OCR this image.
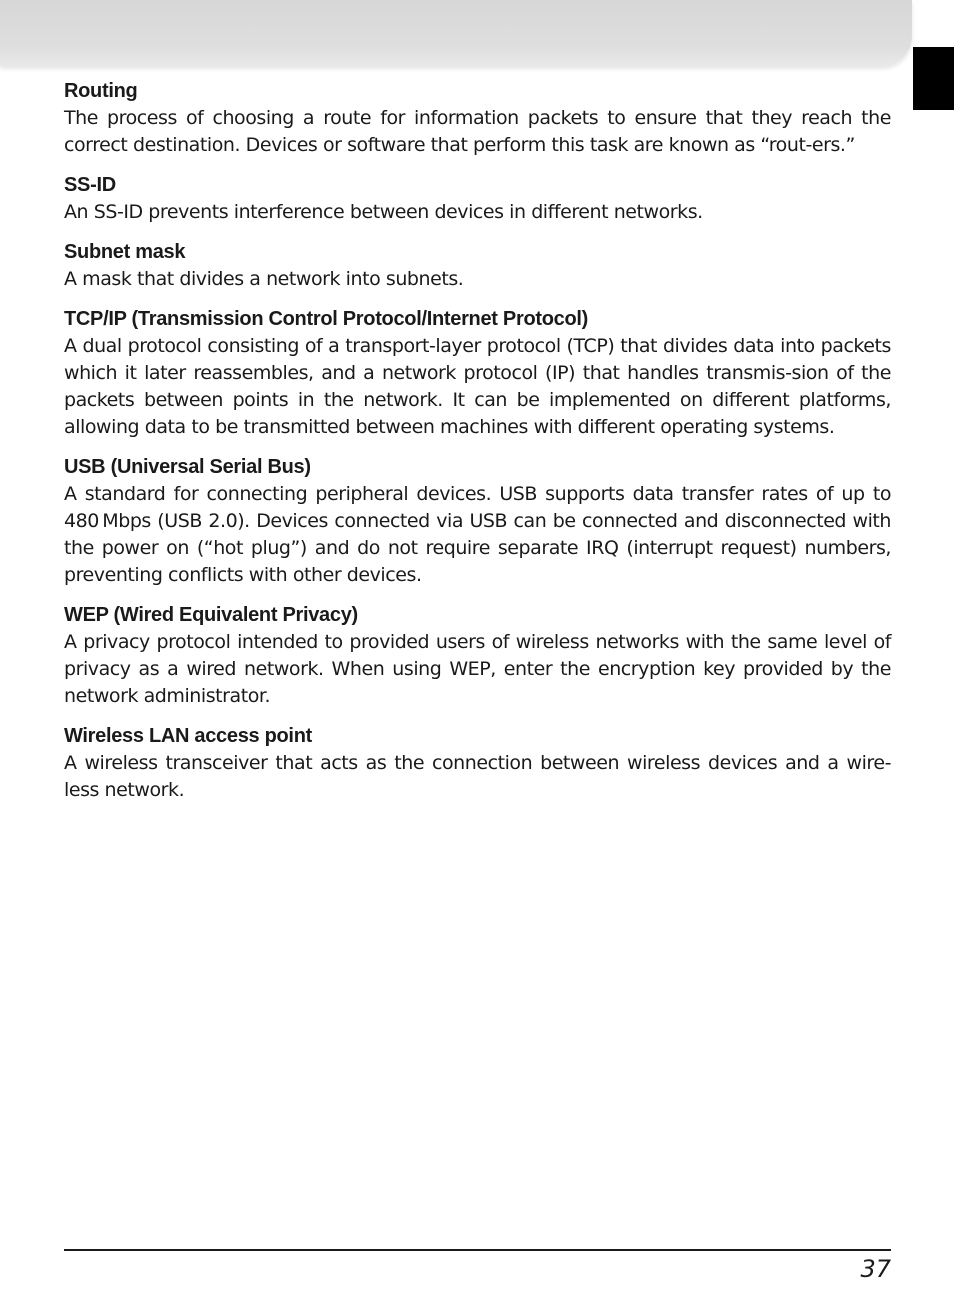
Routing

The process of choosing a route for information packets to ensure that they reach the correct destination. Devices or software that perform this task are known as “rout-ers.”

SS-ID

An SS-ID prevents interference between devices in different networks.

Subnet mask

A mask that divides a network into subnets.

TCP/IP (Transmission Control Protocol/Internet Protocol)

A dual protocol consisting of a transport-layer protocol (TCP) that divides data into packets which it later reassembles, and a network protocol (IP) that handles transmis-sion of the packets between points in the network. It can be implemented on different platforms, allowing data to be transmitted between machines with different operating systems.

USB (Universal Serial Bus)

A standard for connecting peripheral devices. USB supports data transfer rates of up to 480 Mbps (USB 2.0). Devices connected via USB can be connected and disconnected with the power on (“hot plug”) and do not require separate IRQ (interrupt request) numbers, preventing conflicts with other devices.

WEP (Wired Equivalent Privacy)

A privacy protocol intended to provided users of wireless networks with the same level of privacy as a wired network. When using WEP, enter the encryption key provided by the network administrator.

Wireless LAN access point

A wireless transceiver that acts as the connection between wireless devices and a wire-less network.

37
